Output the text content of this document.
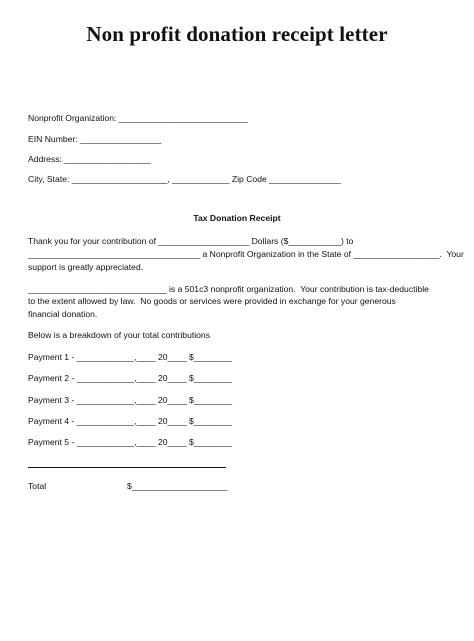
Non profit donation receipt letter
Nonprofit Organization: ___________________________
EIN Number: _________________
Address: __________________
City, State: ____________________, ____________ Zip Code _______________
Tax Donation Receipt
Thank you for your contribution of ___________________ Dollars ($___________) to
____________________________________ a Nonprofit Organization in the State of __________________.  Your
support is greatly appreciated.
_____________________________ is a 501c3 nonprofit organization.  Your contribution is tax-deductible
to the extent allowed by law.  No goods or services were provided in exchange for your generous
financial donation.
Below is a breakdown of your total contributions
Payment 1 - ____________,____ 20____ $________
Payment 2 - ____________,____ 20____ $________
Payment 3 - ____________,____ 20____ $________
Payment 4 - ____________,____ 20____ $________
Payment 5 - ____________,____ 20____ $________
Total	$____________________
